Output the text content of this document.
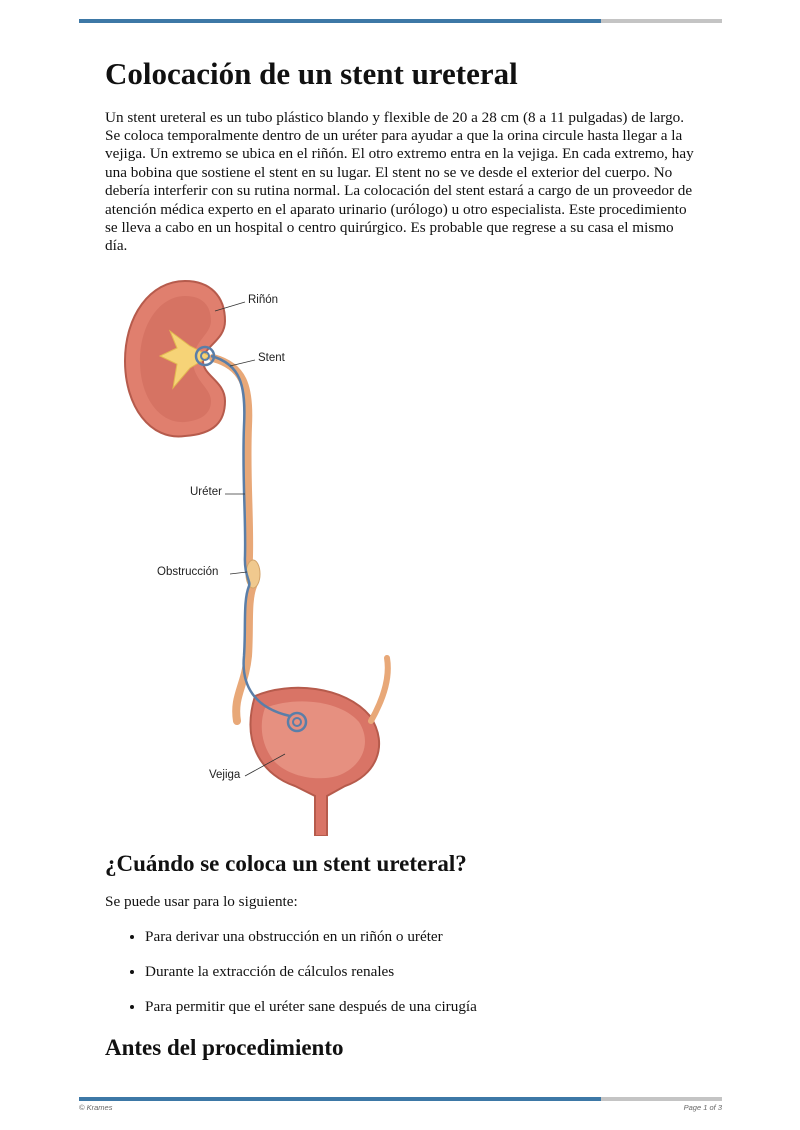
Colocación de un stent ureteral

Un stent ureteral es un tubo plástico blando y flexible de 20 a 28 cm (8 a 11 pulgadas) de largo. Se coloca temporalmente dentro de un uréter para ayudar a que la orina circule hasta llegar a la vejiga. Un extremo se ubica en el riñón. El otro extremo entra en la vejiga. En cada extremo, hay una bobina que sostiene el stent en su lugar. El stent no se ve desde el exterior del cuerpo. No debería interferir con su rutina normal. La colocación del stent estará a cargo de un proveedor de atención médica experto en el aparato urinario (urólogo) u otro especialista. Este procedimiento se lleva a cabo en un hospital o centro quirúrgico. Es probable que regrese a su casa el mismo día.

Riñón
Stent
Uréter
Obstrucción
Vejiga
¿Cuándo se coloca un stent ureteral?

Se puede usar para lo siguiente:

• Para derivar una obstrucción en un riñón o uréter
• Durante la extracción de cálculos renales
• Para permitir que el uréter sane después de una cirugía
Antes del procedimiento
© Krames	Page 1 of 3
